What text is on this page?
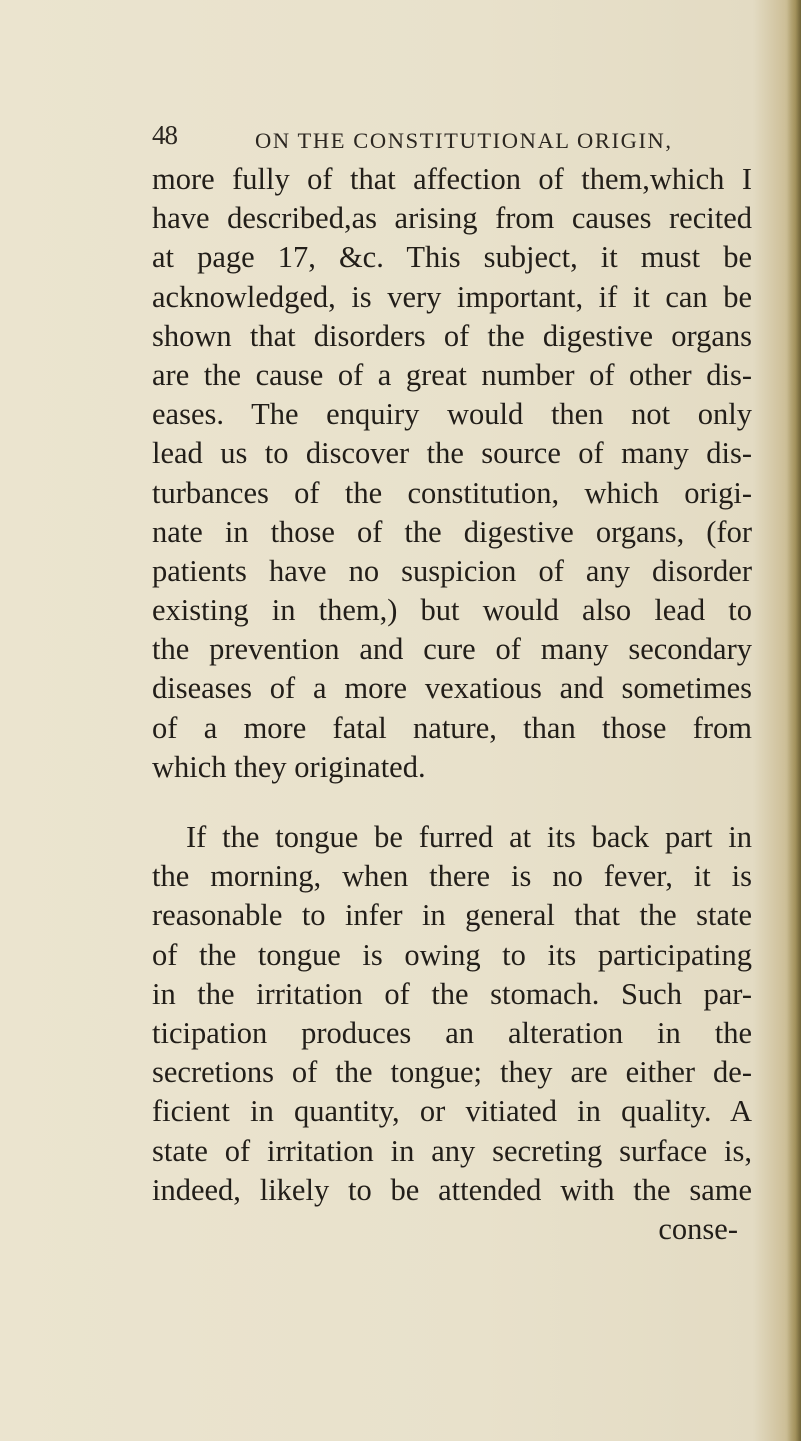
48	ON THE CONSTITUTIONAL ORIGIN,
more fully of that affection of them,which I
have described,as arising from causes recited
at page 17, &c. This subject, it must be
acknowledged, is very important, if it can be
shown that disorders of the digestive organs
are the cause of a great number of other dis-
eases. The enquiry would then not only
lead us to discover the source of many dis-
turbances of the constitution, which origi-
nate in those of the digestive organs, (for
patients have no suspicion of any disorder
existing in them,) but would also lead to
the prevention and cure of many secondary
diseases of a more vexatious and sometimes
of a more fatal nature, than those from
which they originated.
If the tongue be furred at its back part in
the morning, when there is no fever, it is
reasonable to infer in general that the state
of the tongue is owing to its participating
in the irritation of the stomach. Such par-
ticipation produces an alteration in the
secretions of the tongue; they are either de-
ficient in quantity, or vitiated in quality. A
state of irritation in any secreting surface is,
indeed, likely to be attended with the same
conse-
